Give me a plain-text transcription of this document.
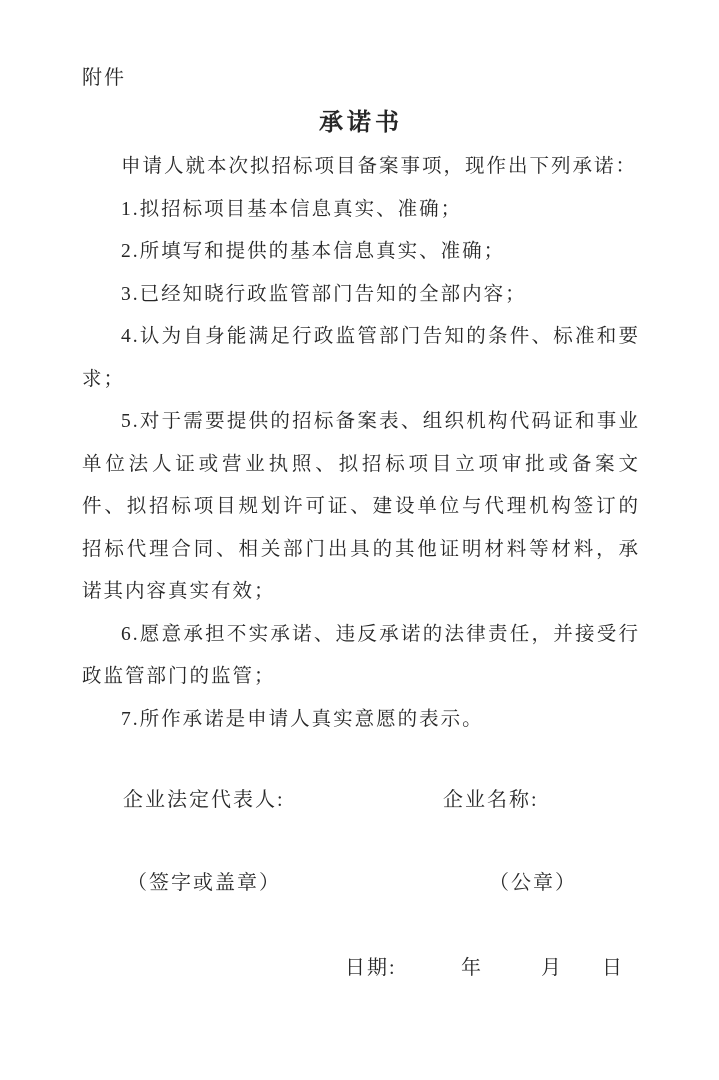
附件
承诺书

申请人就本次拟招标项目备案事项，现作出下列承诺：

1.拟招标项目基本信息真实、准确；

2.所填写和提供的基本信息真实、准确；

3.已经知晓行政监管部门告知的全部内容；

4.认为自身能满足行政监管部门告知的条件、标准和要求；

5.对于需要提供的招标备案表、组织机构代码证和事业单位法人证或营业执照、拟招标项目立项审批或备案文件、拟招标项目规划许可证、建设单位与代理机构签订的招标代理合同、相关部门出具的其他证明材料等材料，承诺其内容真实有效；

6.愿意承担不实承诺、违反承诺的法律责任，并接受行政监管部门的监管；

7.所作承诺是申请人真实意愿的表示。

企业法定代表人:	企业名称:
（签字或盖章）	（公章）
日期:	年	月 日
